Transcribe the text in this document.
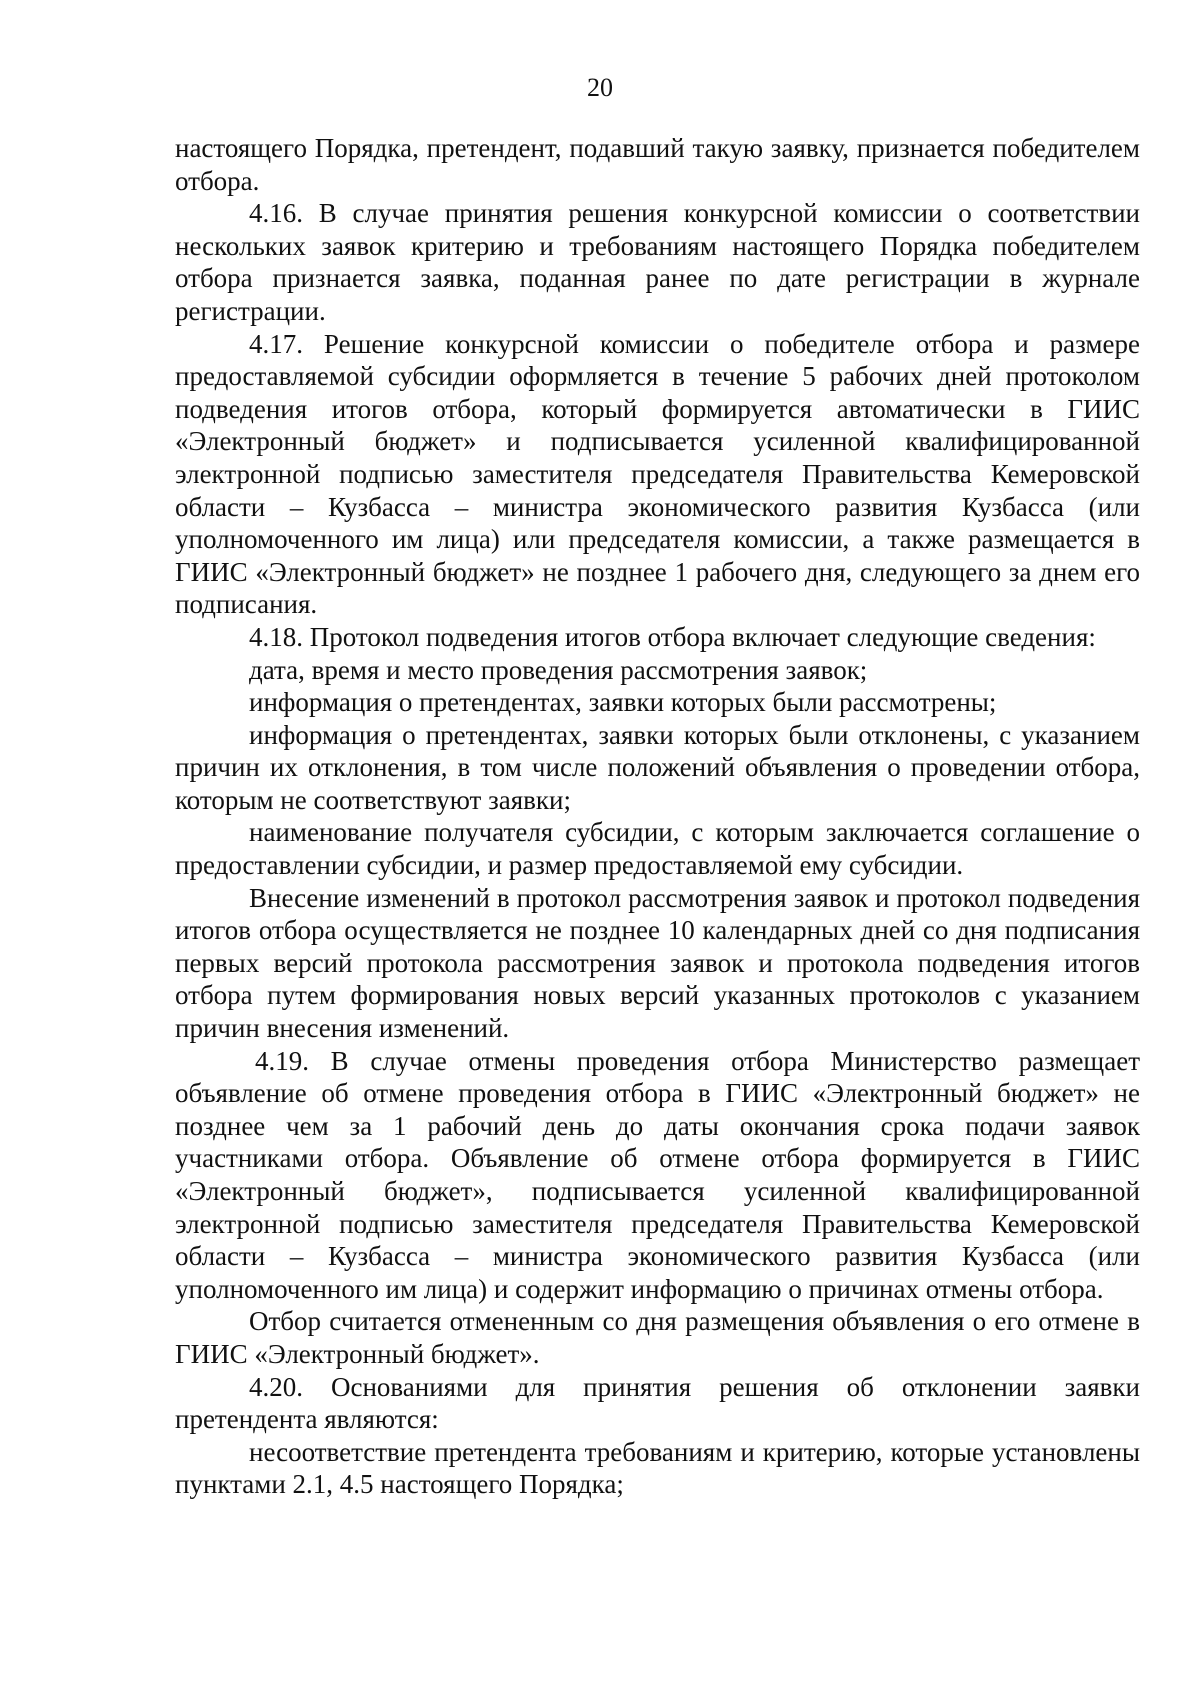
20

настоящего Порядка, претендент, подавший такую заявку, признается победителем отбора.

4.16. В случае принятия решения конкурсной комиссии о соответствии нескольких заявок критерию и требованиям настоящего Порядка победителем отбора признается заявка, поданная ранее по дате регистрации в журнале регистрации.

4.17. Решение конкурсной комиссии о победителе отбора и размере предоставляемой субсидии оформляется в течение 5 рабочих дней протоколом подведения итогов отбора, который формируется автоматически в ГИИС «Электронный бюджет» и подписывается усиленной квалифицированной электронной подписью заместителя председателя Правительства Кемеровской области – Кузбасса – министра экономического развития Кузбасса (или уполномоченного им лица) или председателя комиссии, а также размещается в ГИИС «Электронный бюджет» не позднее 1 рабочего дня, следующего за днем его подписания.

4.18. Протокол подведения итогов отбора включает следующие сведения:

дата, время и место проведения рассмотрения заявок;

информация о претендентах, заявки которых были рассмотрены;

информация о претендентах, заявки которых были отклонены, с указанием причин их отклонения, в том числе положений объявления о проведении отбора, которым не соответствуют заявки;

наименование получателя субсидии, с которым заключается соглашение о предоставлении субсидии, и размер предоставляемой ему субсидии.

Внесение изменений в протокол рассмотрения заявок и протокол подведения итогов отбора осуществляется не позднее 10 календарных дней со дня подписания первых версий протокола рассмотрения заявок и протокола подведения итогов отбора путем формирования новых версий указанных протоколов с указанием причин внесения изменений.

4.19. В случае отмены проведения отбора Министерство размещает объявление об отмене проведения отбора в ГИИС «Электронный бюджет» не позднее чем за 1 рабочий день до даты окончания срока подачи заявок участниками отбора. Объявление об отмене отбора формируется в ГИИС «Электронный бюджет», подписывается усиленной квалифицированной электронной подписью заместителя председателя Правительства Кемеровской области – Кузбасса – министра экономического развития Кузбасса (или уполномоченного им лица) и содержит информацию о причинах отмены отбора.

Отбор считается отмененным со дня размещения объявления о его отмене в ГИИС «Электронный бюджет».

4.20. Основаниями для принятия решения об отклонении заявки претендента являются:

несоответствие претендента требованиям и критерию, которые установлены пунктами 2.1, 4.5 настоящего Порядка;
